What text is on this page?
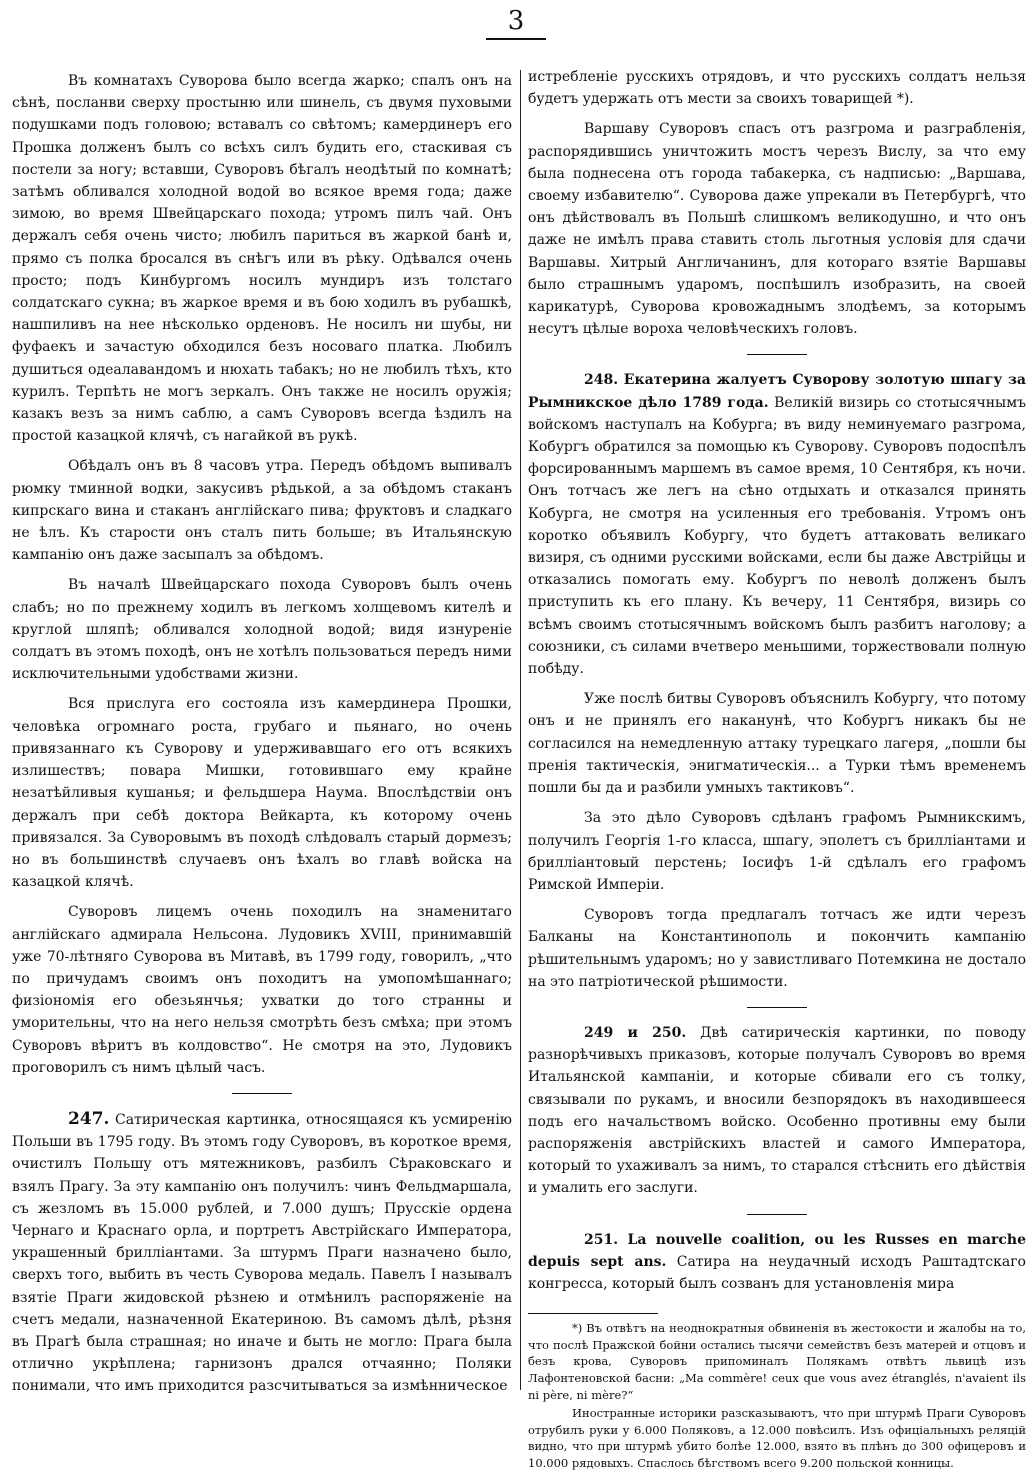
3

Въ комнатахъ Суворова было всегда жарко; спалъ онъ на сѣнѣ, посланви сверху простыню или шинель, съ двумя пуховыми подушками подъ головою; вставалъ со свѣтомъ; камердинеръ его Прошка долженъ былъ со всѣхъ силъ будить его, стаскивая съ постели за ногу; вставши, Суворовъ бѣгалъ неодѣтый по комнатѣ; затѣмъ обливался холодной водой во всякое время года; даже зимою, во время Швейцарскаго похода; утромъ пилъ чай. Онъ держалъ себя очень чисто; любилъ париться въ жаркой банѣ и, прямо съ полка бросался въ снѣгъ или въ рѣку. Одѣвался очень просто; подъ Кинбургомъ носилъ мундиръ изъ толстаго солдатскаго сукна; въ жаркое время и въ бою ходилъ въ рубашкѣ, нашпиливъ на нее нѣсколько орденовъ. Не носилъ ни шубы, ни фуфаекъ и зачастую обходился безъ носоваго платка. Любилъ душиться одеалавандомъ и нюхать табакъ; но не любилъ тѣхъ, кто курилъ. Терпѣть не могъ зеркалъ. Онъ также не носилъ оружія; казакъ везъ за нимъ саблю, а самъ Суворовъ всегда ѣздилъ на простой казацкой клячѣ, съ нагайкой въ рукѣ.

Обѣдалъ онъ въ 8 часовъ утра. Передъ обѣдомъ выпивалъ рюмку тминной водки, закусивъ рѣдькой, а за обѣдомъ стаканъ кипрскаго вина и стаканъ англійскаго пива; фруктовъ и сладкаго не ѣлъ. Къ старости онъ сталъ пить больше; въ Итальянскую кампанію онъ даже засыпалъ за обѣдомъ.

Въ началѣ Швейцарскаго похода Суворовъ былъ очень слабъ; но по прежнему ходилъ въ легкомъ холщевомъ кителѣ и круглой шляпѣ; обливался холодной водой; видя изнуреніе солдатъ въ этомъ походѣ, онъ не хотѣлъ пользоваться передъ ними исключительными удобствами жизни.

Вся прислуга его состояла изъ камердинера Прошки, человѣка огромнаго роста, грубаго и пьянаго, но очень привязаннаго къ Суворову и удерживавшаго его отъ всякихъ излишествъ; повара Мишки, готовившаго ему крайне незатѣйливыя кушанья; и фельдшера Наума. Впослѣдствіи онъ держалъ при себѣ доктора Вейкарта, къ которому очень привязался. За Суворовымъ въ походѣ слѣдовалъ старый дормезъ; но въ большинствѣ случаевъ онъ ѣхалъ во главѣ войска на казацкой клячѣ.

Суворовъ лицемъ очень походилъ на знаменитаго англійскаго адмирала Нельсона. Лудовикъ XVIII, принимавшій уже 70-лѣтняго Суворова въ Митавѣ, въ 1799 году, говорилъ, „что по причудамъ своимъ онъ походитъ на умопомѣшаннаго; физіономія его обезьянчья; ухватки до того странны и уморительны, что на него нельзя смотрѣть безъ смѣха; при этомъ Суворовъ вѣритъ въ колдовство“. Не смотря на это, Лудовикъ проговорилъ съ нимъ цѣлый часъ.

247. Сатирическая картинка, относящаяся къ усмиренію Польши въ 1795 году. Въ этомъ году Суворовъ, въ короткое время, очистилъ Польшу отъ мятежниковъ, разбилъ Сѣраковскаго и взялъ Прагу. За эту кампанію онъ получилъ: чинъ Фельдмаршала, съ жезломъ въ 15.000 рублей, и 7.000 душъ; Прусскіе ордена Чернаго и Краснаго орла, и портретъ Австрійскаго Императора, украшенный брилліантами. За штурмъ Праги назначено было, сверхъ того, выбить въ честь Суворова медаль. Павелъ I называлъ взятіе Праги жидовской рѣзнею и отмѣнилъ распоряженіе на счетъ медали, назначенной Екатериною. Въ самомъ дѣлѣ, рѣзня въ Прагѣ была страшная; но иначе и быть не могло: Прага была отлично укрѣплена; гарнизонъ дрался отчаянно; Поляки понимали, что имъ приходится разсчитываться за измѣнническое

истребленіе русскихъ отрядовъ, и что русскихъ солдатъ нельзя будетъ удержать отъ мести за своихъ товарищей *).

Варшаву Суворовъ спасъ отъ разгрома и разграбленія, распорядившись уничтожить мостъ черезъ Вислу, за что ему была поднесена отъ города табакерка, съ надписью: „Варшава, своему избавителю“. Суворова даже упрекали въ Петербургѣ, что онъ дѣйствовалъ въ Польшѣ слишкомъ великодушно, и что онъ даже не имѣлъ права ставить столь льготныя условія для сдачи Варшавы. Хитрый Англичанинъ, для котораго взятіе Варшавы было страшнымъ ударомъ, поспѣшилъ изобразить, на своей карикатурѣ, Суворова кровожаднымъ злодѣемъ, за которымъ несутъ цѣлые вороха человѣческихъ головъ.

248. Екатерина жалуетъ Суворову золотую шпагу за Рымникское дѣло 1789 года. Великій визирь со стотысячнымъ войскомъ наступалъ на Кобурга; въ виду неминуемаго разгрома, Кобургъ обратился за помощью къ Суворову. Суворовъ подоспѣлъ форсированнымъ маршемъ въ самое время, 10 Сентября, къ ночи. Онъ тотчасъ же легъ на сѣно отдыхать и отказался принять Кобурга, не смотря на усиленныя его требованія. Утромъ онъ коротко объявилъ Кобургу, что будетъ аттаковать великаго визиря, съ одними русскими войсками, если бы даже Австрійцы и отказались помогать ему. Кобургъ по неволѣ долженъ былъ приступить къ его плану. Къ вечеру, 11 Сентября, визирь со всѣмъ своимъ стотысячнымъ войскомъ былъ разбитъ наголову; а союзники, съ силами вчетверо меньшими, торжествовали полную побѣду.

Уже послѣ битвы Суворовъ объяснилъ Кобургу, что потому онъ и не принялъ его наканунѣ, что Кобургъ никакъ бы не согласился на немедленную аттаку турецкаго лагеря, „пошли бы пренія тактическія, энигматическія... а Турки тѣмъ временемъ пошли бы да и разбили умныхъ тактиковъ“.

За это дѣло Суворовъ сдѣланъ графомъ Рымникскимъ, получилъ Георгія 1-го класса, шпагу, эполетъ съ брилліантами и брилліантовый перстень; Іосифъ 1-й сдѣлалъ его графомъ Римской Имперіи.

Суворовъ тогда предлагалъ тотчасъ же идти черезъ Балканы на Константинополь и покончить кампанію рѣшительнымъ ударомъ; но у завистливаго Потемкина не достало на это патріотической рѣшимости.

249 и 250. Двѣ сатирическія картинки, по поводу разнорѣчивыхъ приказовъ, которые получалъ Суворовъ во время Итальянской кампаніи, и которые сбивали его съ толку, связывали по рукамъ, и вносили безпорядокъ въ находившееся подъ его начальствомъ войско. Особенно противны ему были распоряженія австрійскихъ властей и самого Императора, который то ухаживалъ за нимъ, то старался стѣснить его дѣйствія и умалить его заслуги.

251. La nouvelle coalition, ou les Russes en marche depuis sept ans. Сатира на неудачный исходъ Раштадтскаго конгресса, который былъ созванъ для установленія мира

*) Въ отвѣтъ на неоднократныя обвиненія въ жестокости и жалобы на то, что послѣ Пражской бойни остались тысячи семействъ безъ матерей и отцовъ и безъ крова, Суворовъ припоминалъ Полякамъ отвѣтъ львицѣ изъ Лафонтеновской басни: „Ma commère! ceux que vous avez étranglés, n'avaient ils ni père, ni mère?“

Иностранные историки разсказываютъ, что при штурмѣ Праги Суворовъ отрубилъ руки у 6.000 Поляковъ, а 12.000 повѣсилъ. Изъ офиціальныхъ реляцій видно, что при штурмѣ убито болѣе 12.000, взято въ плѣнъ до 300 офицеровъ и 10.000 рядовыхъ. Спаслось бѣгствомъ всего 9.200 польской конницы.
